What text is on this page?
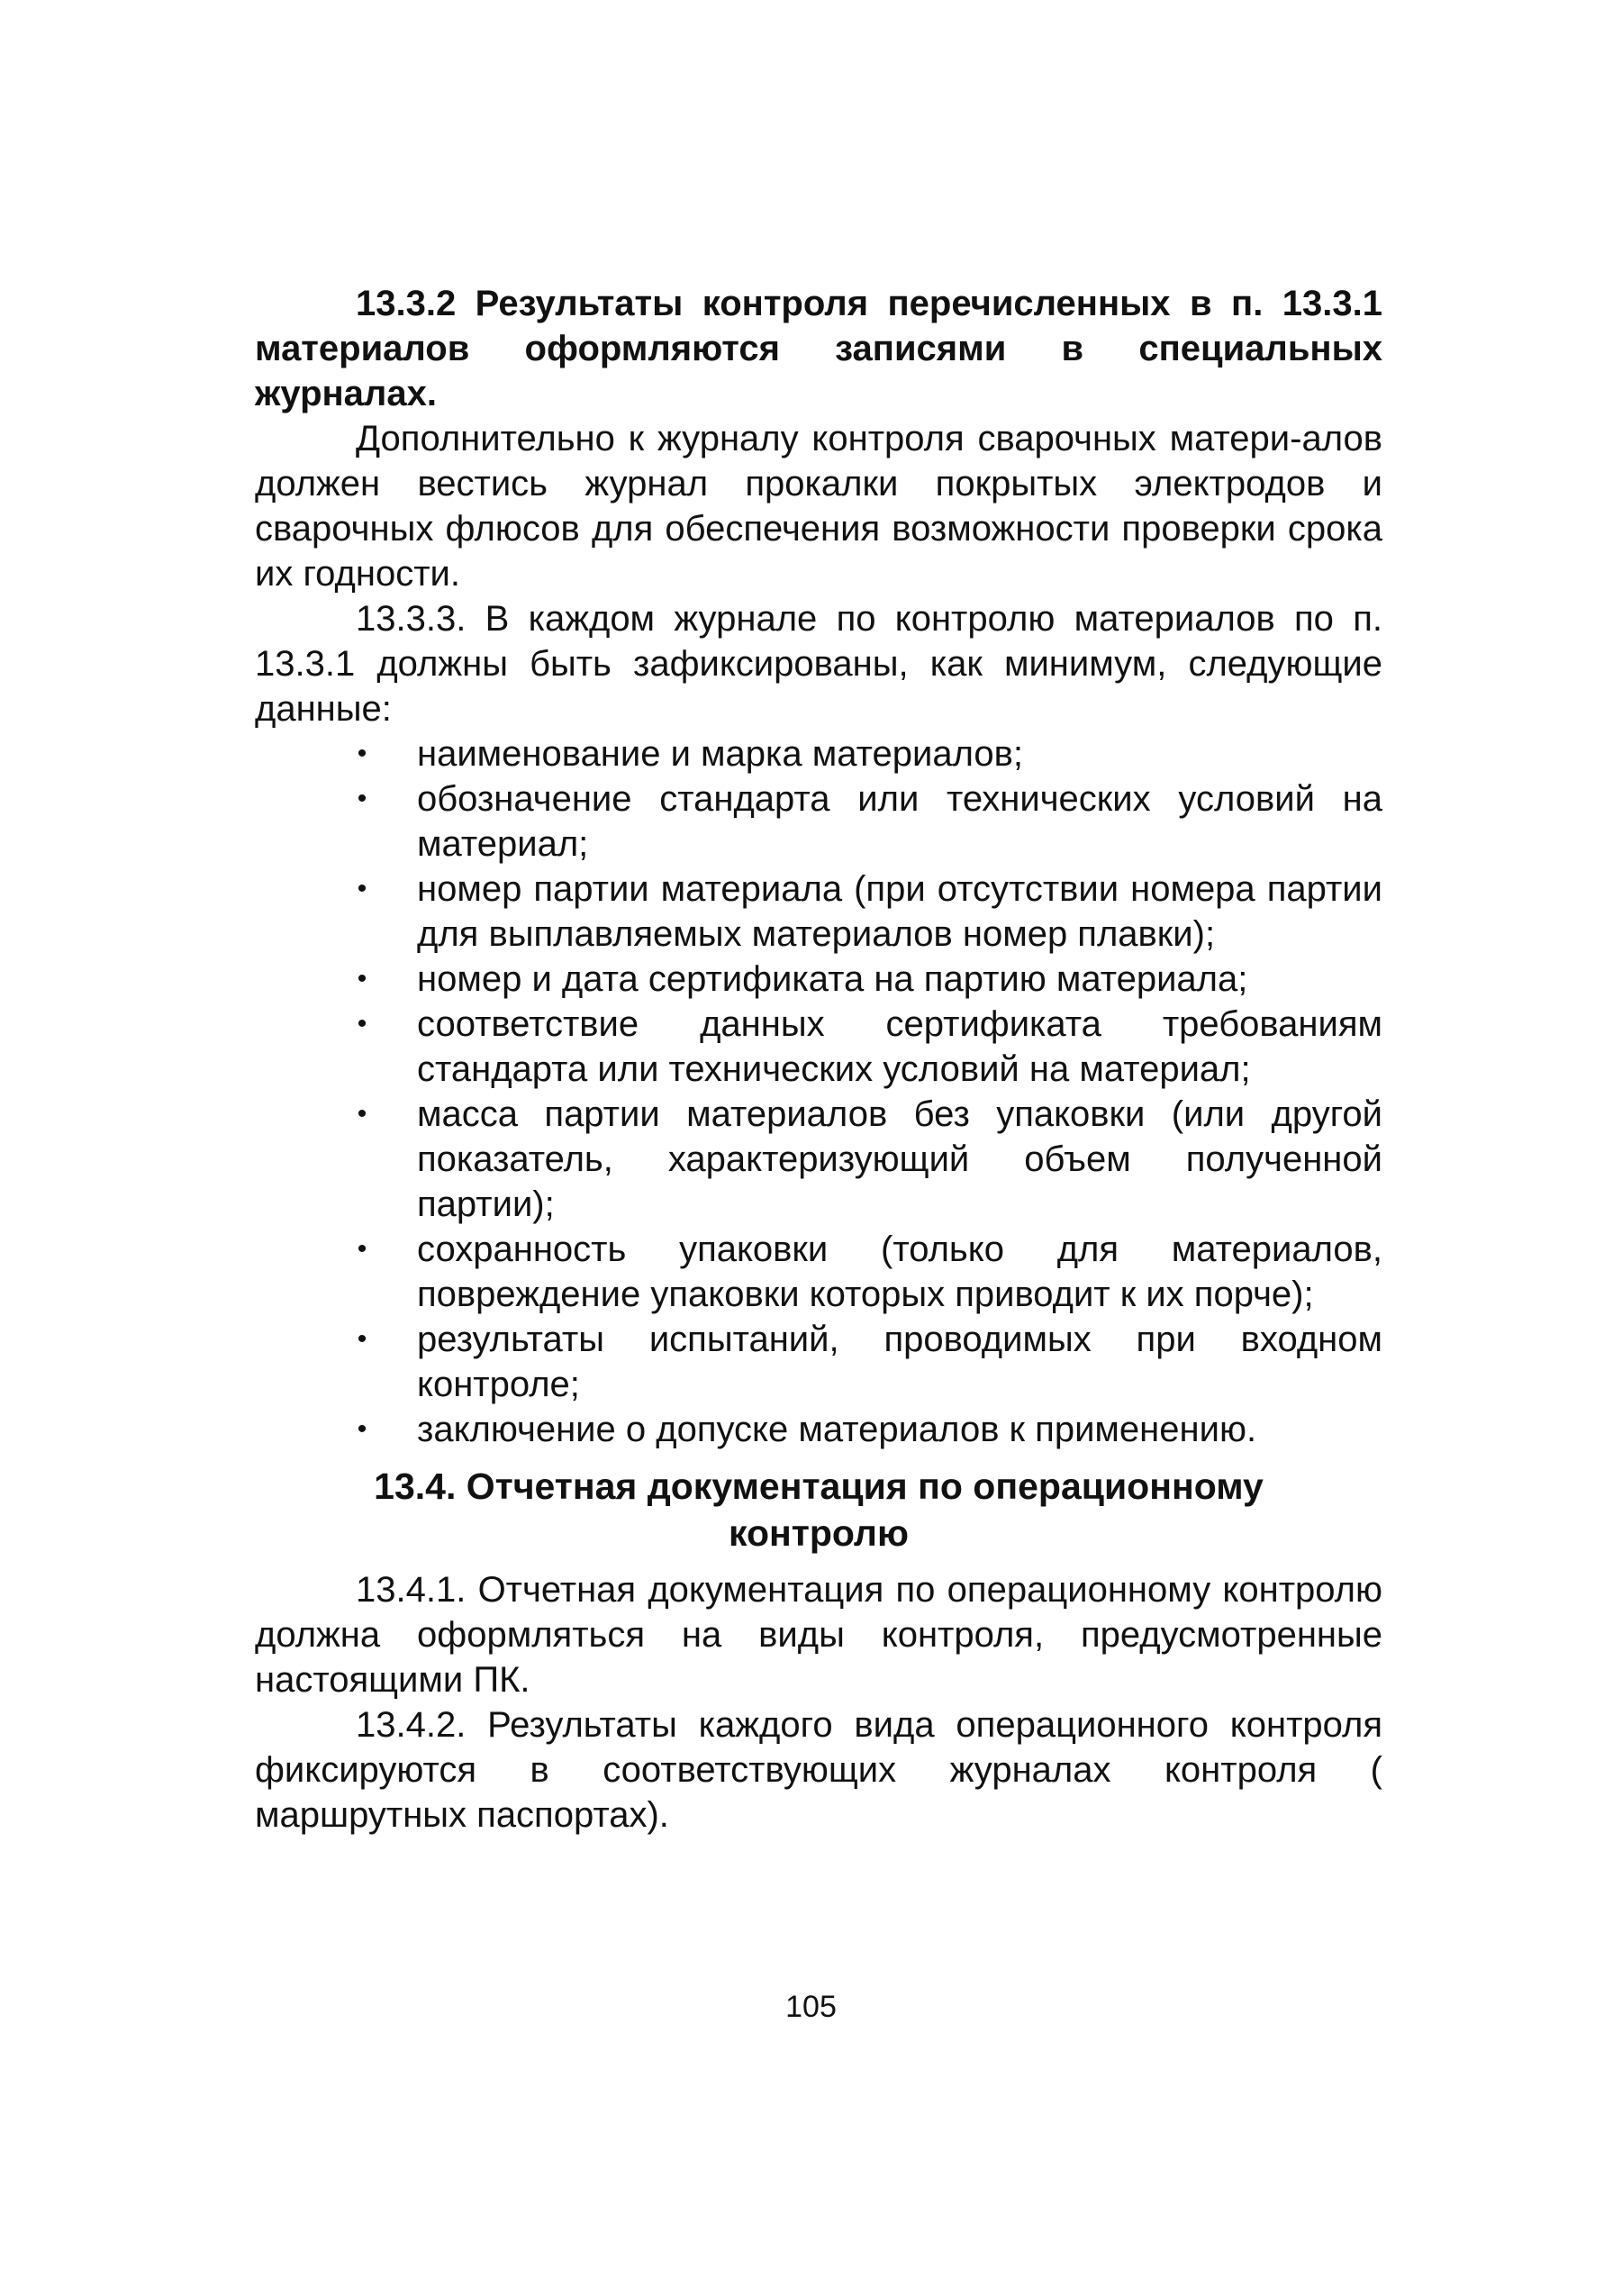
13.3.2 Результаты контроля перечисленных в п. 13.3.1 материалов оформляются записями в специальных журналах.

Дополнительно к журналу контроля сварочных матери-алов должен вестись журнал прокалки покрытых электродов и сварочных флюсов для обеспечения возможности проверки срока их годности.

13.3.3. В каждом журнале по контролю материалов по п. 13.3.1 должны быть зафиксированы, как минимум, следующие данные:

• наименование и марка материалов;
• обозначение стандарта или технических условий на материал;
• номер партии материала (при отсутствии номера партии для выплавляемых материалов номер плавки);
• номер и дата сертификата на партию материала;
• соответствие данных сертификата требованиям стандарта или технических условий на материал;
• масса партии материалов без упаковки (или другой показатель, характеризующий объем полученной партии);
• сохранность упаковки (только для материалов, повреждение упаковки которых приводит к их порче);
• результаты испытаний, проводимых при входном контроле;
• заключение о допуске материалов к применению.
13.4. Отчетная документация по операционному
контролю

13.4.1. Отчетная документация по операционному контролю должна оформляться на виды контроля, предусмотренные настоящими ПК.

13.4.2. Результаты каждого вида операционного контроля фиксируются в соответствующих журналах контроля ( маршрутных паспортах).

105
